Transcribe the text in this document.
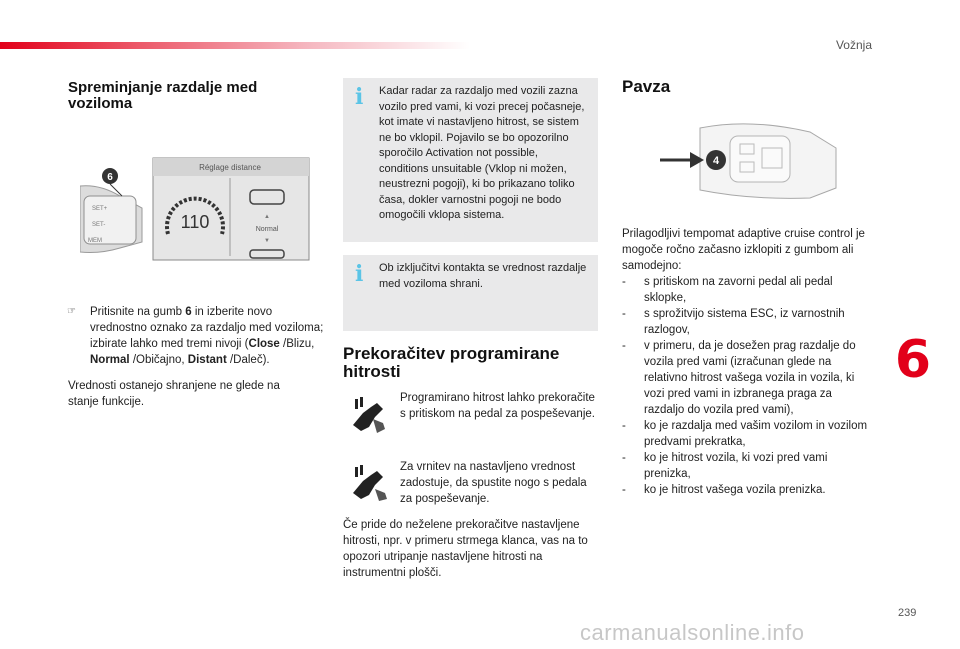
Vožnja
6
239
carmanualsonline.info
Spreminjanje razdalje med voziloma
SET+
SET-
MEM
6
Réglage distance
110	▲
Normal
▼

☞	Pritisnite na gumb 6 in izberite novo vrednostno oznako za razdaljo med voziloma; izbirate lahko med tremi nivoji (Close /Blizu, Normal /Običajno, Distant /Daleč).

Vrednosti ostanejo shranjene ne glede na stanje funkcije.

i Kadar radar za razdaljo med vozili zazna vozilo pred vami, ki vozi precej počasneje, kot imate vi nastavljeno hitrost, se sistem ne bo vklopil. Pojavilo se bo opozorilno sporočilo Activation not possible, conditions unsuitable (Vklop ni možen, neustrezni pogoji), ki bo prikazano toliko časa, dokler varnostni pogoji ne bodo omogočili vklopa sistema.
i Ob izključitvi kontakta se vrednost razdalje med voziloma shrani.
Prekoračitev programirane hitrosti

Programirano hitrost lahko prekoračite s pritiskom na pedal za pospeševanje.

Za vrnitev na nastavljeno vrednost zadostuje, da spustite nogo s pedala za pospeševanje.

Če pride do neželene prekoračitve nastavljene hitrosti, npr. v primeru strmega klanca, vas na to opozori utripanje nastavljene hitrosti na instrumentni plošči.

Pavza
4

Prilagodljivi tempomat adaptive cruise control je mogoče ročno začasno izklopiti z gumbom ali samodejno:

- s pritiskom na zavorni pedal ali pedal sklopke,
- s sprožitvijo sistema ESC, iz varnostnih razlogov,
- v primeru, da je dosežen prag razdalje do vozila pred vami (izračunan glede na relativno hitrost vašega vozila in vozila, ki vozi pred vami in izbranega praga za razdaljo do vozila pred vami),
- ko je razdalja med vašim vozilom in vozilom predvami prekratka,
- ko je hitrost vozila, ki vozi pred vami prenizka,
- ko je hitrost vašega vozila prenizka.
